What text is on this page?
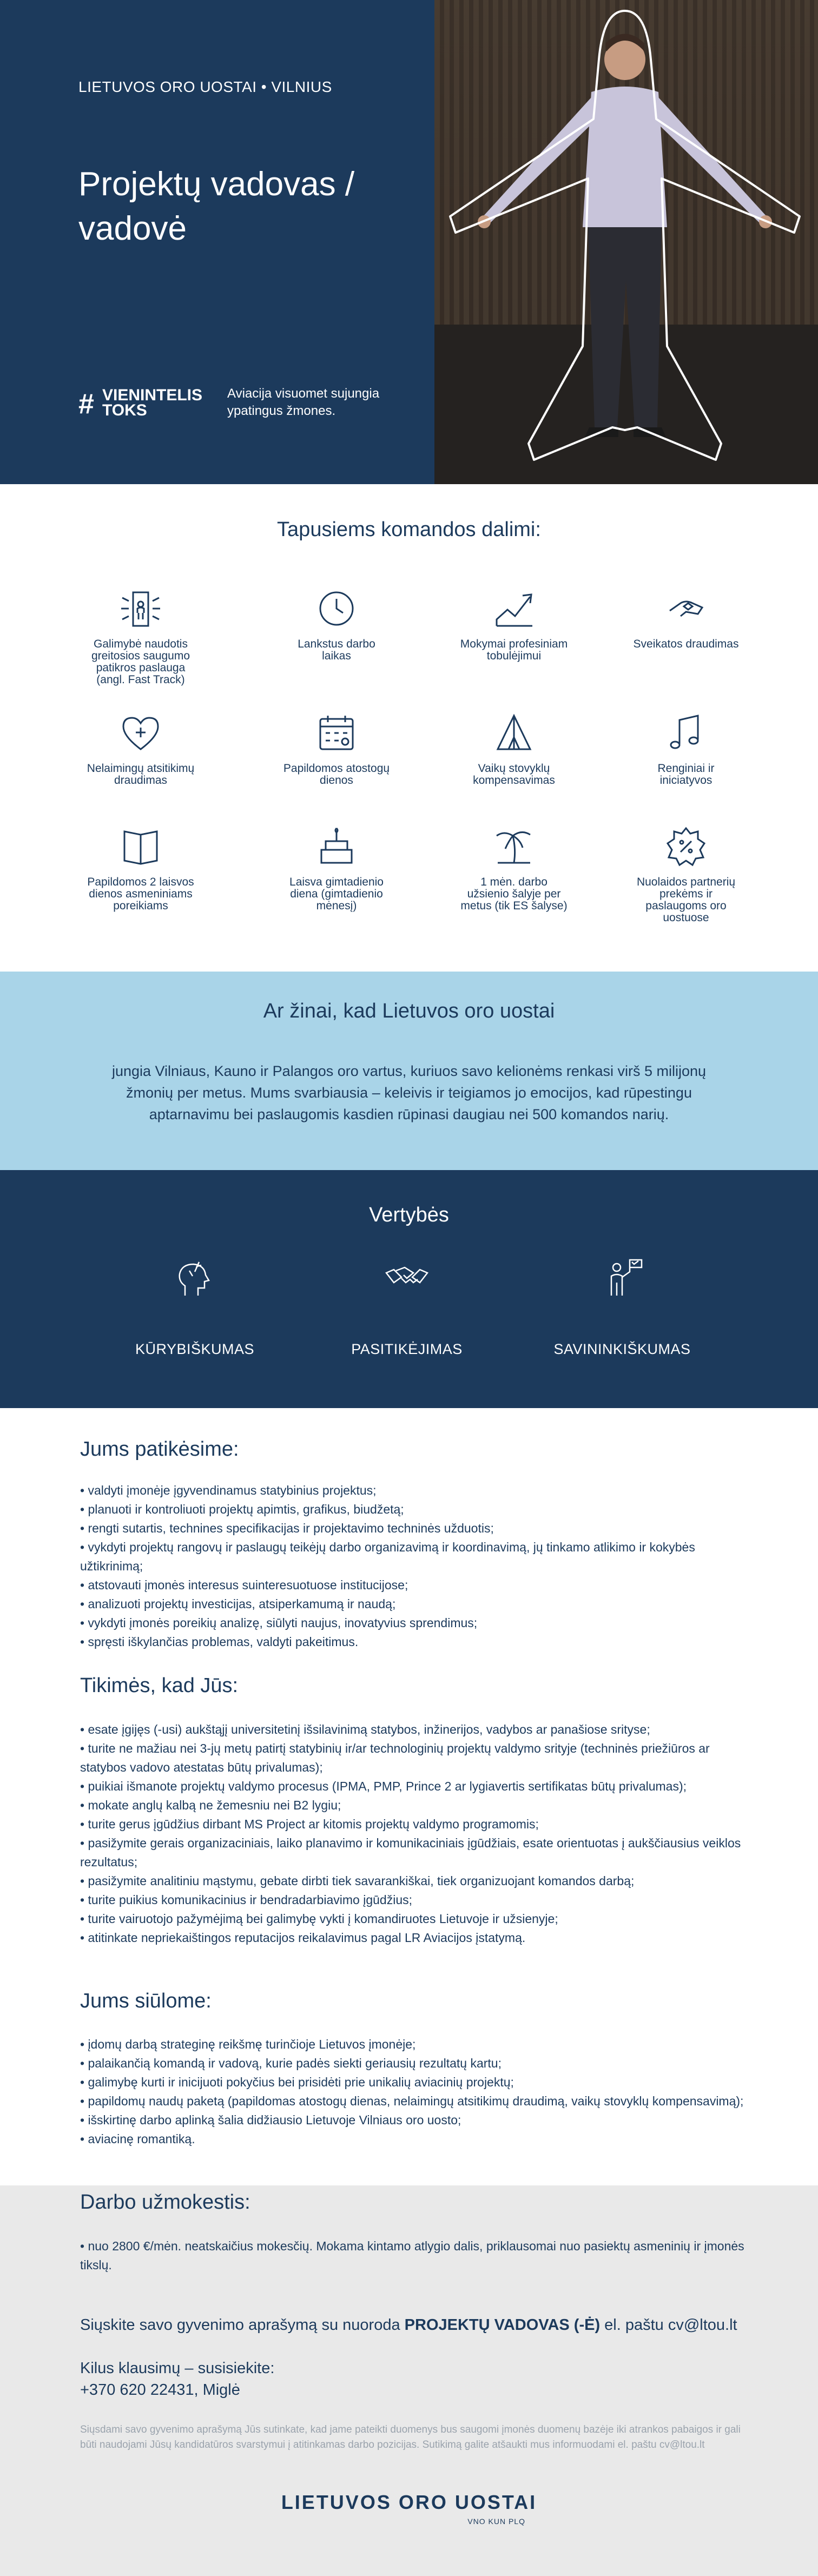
LIETUVOS ORO UOSTAI • VILNIUS
Projektų vadovas / vadovė
# VIENINTELIS
TOKS
Aviacija visuomet sujungia ypatingus žmones.
Tapusiems komandos dalimi:
Galimybė naudotis greitosios saugumo patikros paslauga (angl. Fast Track)
Lankstus darbo laikas
Mokymai profesiniam tobulėjimui
Sveikatos draudimas
Nelaimingų atsitikimų draudimas
Papildomos atostogų dienos
Vaikų stovyklų kompensavimas
Renginiai ir iniciatyvos
Papildomos 2 laisvos dienos asmeniniams poreikiams
Laisva gimtadienio diena (gimtadienio mėnesį)
1 mėn. darbo užsienio šalyje per metus (tik ES šalyse)
Nuolaidos partnerių prekėms ir paslaugoms oro uostuose
Ar žinai, kad Lietuvos oro uostai
jungia Vilniaus, Kauno ir Palangos oro vartus, kuriuos savo kelionėms renkasi virš 5 milijonų žmonių per metus. Mums svarbiausia – keleivis ir teigiamos jo emocijos, kad rūpestingu aptarnavimu bei paslaugomis kasdien rūpinasi daugiau nei 500 komandos narių.
Vertybės
KŪRYBIŠKUMAS	PASITIKĖJIMAS	SAVININKIŠKUMAS
Jums patikėsime:
• valdyti įmonėje įgyvendinamus statybinius projektus;
• planuoti ir kontroliuoti projektų apimtis, grafikus, biudžetą;
• rengti sutartis, technines specifikacijas ir projektavimo techninės užduotis;
• vykdyti projektų rangovų ir paslaugų teikėjų darbo organizavimą ir koordinavimą, jų tinkamo atlikimo ir kokybės užtikrinimą;
• atstovauti įmonės interesus suinteresuotuose institucijose;
• analizuoti projektų investicijas, atsiperkamumą ir naudą;
• vykdyti įmonės poreikių analizę, siūlyti naujus, inovatyvius sprendimus;
• spręsti iškylančias problemas, valdyti pakeitimus.
Tikimės, kad Jūs:
• esate įgijęs (-usi) aukštąjį universitetinį išsilavinimą statybos, inžinerijos, vadybos ar panašiose srityse;
• turite ne mažiau nei 3-jų metų patirtį statybinių ir/ar technologinių projektų valdymo srityje (techninės priežiūros ar statybos vadovo atestatas būtų privalumas);
• puikiai išmanote projektų valdymo procesus (IPMA, PMP, Prince 2 ar lygiavertis sertifikatas būtų privalumas);
• mokate anglų kalbą ne žemesniu nei B2 lygiu;
• turite gerus įgūdžius dirbant MS Project ar kitomis projektų valdymo programomis;
• pasižymite gerais organizaciniais, laiko planavimo ir komunikaciniais įgūdžiais, esate orientuotas į aukščiausius veiklos rezultatus;
• pasižymite analitiniu mąstymu, gebate dirbti tiek savarankiškai, tiek organizuojant komandos darbą;
• turite puikius komunikacinius ir bendradarbiavimo įgūdžius;
• turite vairuotojo pažymėjimą bei galimybę vykti į komandiruotes Lietuvoje ir užsienyje;
• atitinkate nepriekaištingos reputacijos reikalavimus pagal LR Aviacijos įstatymą.
Jums siūlome:
• įdomų darbą strateginę reikšmę turinčioje Lietuvos įmonėje;
• palaikančią komandą ir vadovą, kurie padės siekti geriausių rezultatų kartu;
• galimybę kurti ir inicijuoti pokyčius bei prisidėti prie unikalių aviacinių projektų;
• papildomų naudų paketą (papildomas atostogų dienas, nelaimingų atsitikimų draudimą, vaikų stovyklų kompensavimą);
• išskirtinę darbo aplinką šalia didžiausio Lietuvoje Vilniaus oro uosto;
• aviacinę romantiką.
Darbo užmokestis:
• nuo 2800 €/mėn. neatskaičius mokesčių. Mokama kintamo atlygio dalis, priklausomai nuo pasiektų asmeninių ir įmonės tikslų.
Siųskite savo gyvenimo aprašymą su nuoroda PROJEKTŲ VADOVAS (-Ė) el. paštu cv@ltou.lt
Kilus klausimų – susisiekite:
+370 620 22431, Miglė
Siųsdami savo gyvenimo aprašymą Jūs sutinkate, kad jame pateikti duomenys bus saugomi įmonės duomenų bazėje iki atrankos pabaigos ir gali būti naudojami Jūsų kandidatūros svarstymui į atitinkamas darbo pozicijas. Sutikimą galite atšaukti mus informuodami el. paštu cv@ltou.lt
LIETUVOS ORO UOSTAI
VNO KUN PLQ
